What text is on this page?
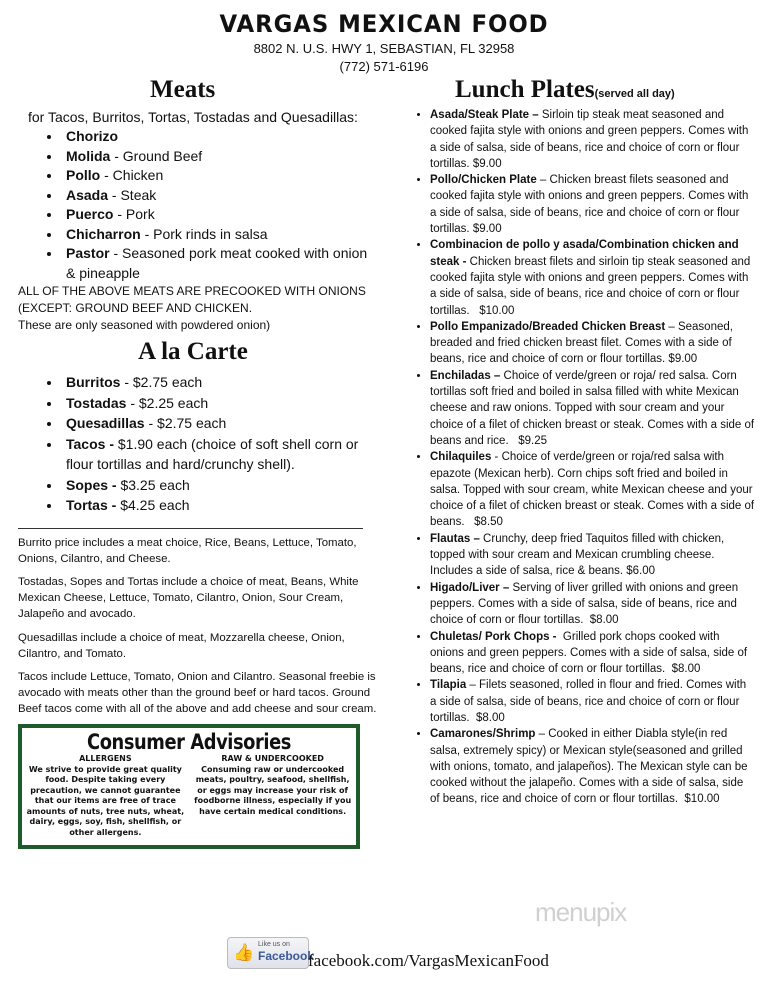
VARGAS MEXICAN FOOD
8802 N. U.S. HWY 1, SEBASTIAN, FL 32958
(772) 571-6196
Meats	Lunch Plates(served all day)
for Tacos, Burritos, Tortas, Tostadas and Quesadillas:
• Chorizo
• Molida - Ground Beef
• Pollo - Chicken
• Asada - Steak
• Puerco - Pork
• Chicharron - Pork rinds in salsa
• Pastor - Seasoned pork meat cooked with onion & pineapple
ALL OF THE ABOVE MEATS ARE PRECOOKED WITH ONIONS (EXCEPT: GROUND BEEF AND CHICKEN.
These are only seasoned with powdered onion)
A la Carte
• Burritos - $2.75 each
• Tostadas - $2.25 each
• Quesadillas - $2.75 each
• Tacos - $1.90 each (choice of soft shell corn or flour tortillas and hard/crunchy shell).
• Sopes - $3.25 each
• Tortas - $4.25 each

Burrito price includes a meat choice, Rice, Beans, Lettuce, Tomato, Onions, Cilantro, and Cheese.

Tostadas, Sopes and Tortas include a choice of meat, Beans, White Mexican Cheese, Lettuce, Tomato, Cilantro, Onion, Sour Cream, Jalapeño and avocado.

Quesadillas include a choice of meat, Mozzarella cheese, Onion, Cilantro, and Tomato.

Tacos include Lettuce, Tomato, Onion and Cilantro. Seasonal freebie is avocado with meats other than the ground beef or hard tacos. Ground Beef tacos come with all of the above and add cheese and sour cream.

Consumer Advisories
ALLERGENS
We strive to provide great quality food. Despite taking every precaution, we cannot guarantee that our items are free of trace amounts of nuts, tree nuts, wheat, dairy, eggs, soy, fish, shellfish, or other allergens.
RAW & UNDERCOOKED
Consuming raw or undercooked meats, poultry, seafood, shellfish, or eggs may increase your risk of foodborne illness, especially if you have certain medical conditions.
• Asada/Steak Plate – Sirloin tip steak meat seasoned and cooked fajita style with onions and green peppers. Comes with a side of salsa, side of beans, rice and choice of corn or flour tortillas. $9.00
• Pollo/Chicken Plate – Chicken breast filets seasoned and cooked fajita style with onions and green peppers. Comes with a side of salsa, side of beans, rice and choice of corn or flour tortillas. $9.00
• Combinacion de pollo y asada/Combination chicken and steak - Chicken breast filets and sirloin tip steak seasoned and cooked fajita style with onions and green peppers. Comes with a side of salsa, side of beans, rice and choice of corn or flour tortillas.   $10.00
• Pollo Empanizado/Breaded Chicken Breast – Seasoned, breaded and fried chicken breast filet. Comes with a side of beans, rice and choice of corn or flour tortillas. $9.00
• Enchiladas – Choice of verde/green or roja/ red salsa. Corn tortillas soft fried and boiled in salsa filled with white Mexican cheese and raw onions. Topped with sour cream and your choice of a filet of chicken breast or steak. Comes with a side of beans and rice.   $9.25
• Chilaquiles - Choice of verde/green or roja/red salsa with epazote (Mexican herb). Corn chips soft fried and boiled in salsa. Topped with sour cream, white Mexican cheese and your choice of a filet of chicken breast or steak. Comes with a side of beans.   $8.50
• Flautas – Crunchy, deep fried Taquitos filled with chicken, topped with sour cream and Mexican crumbling cheese. Includes a side of salsa, rice & beans. $6.00
• Higado/Liver – Serving of liver grilled with onions and green peppers. Comes with a side of salsa, side of beans, rice and choice of corn or flour tortillas.  $8.00
• Chuletas/ Pork Chops -  Grilled pork chops cooked with onions and green peppers. Comes with a side of salsa, side of beans, rice and choice of corn or flour tortillas.  $8.00
• Tilapia – Filets seasoned, rolled in flour and fried. Comes with a side of salsa, side of beans, rice and choice of corn or flour tortillas.  $8.00
• Camarones/Shrimp – Cooked in either Diabla style(in red salsa, extremely spicy) or Mexican style(seasoned and grilled with onions, tomato, and jalapeños). The Mexican style can be cooked without the jalapeño. Comes with a side of salsa, side of beans, rice and choice of corn or flour tortillas.  $10.00
menupix
👍 Like us on
Facebook
facebook.com/VargasMexicanFood
